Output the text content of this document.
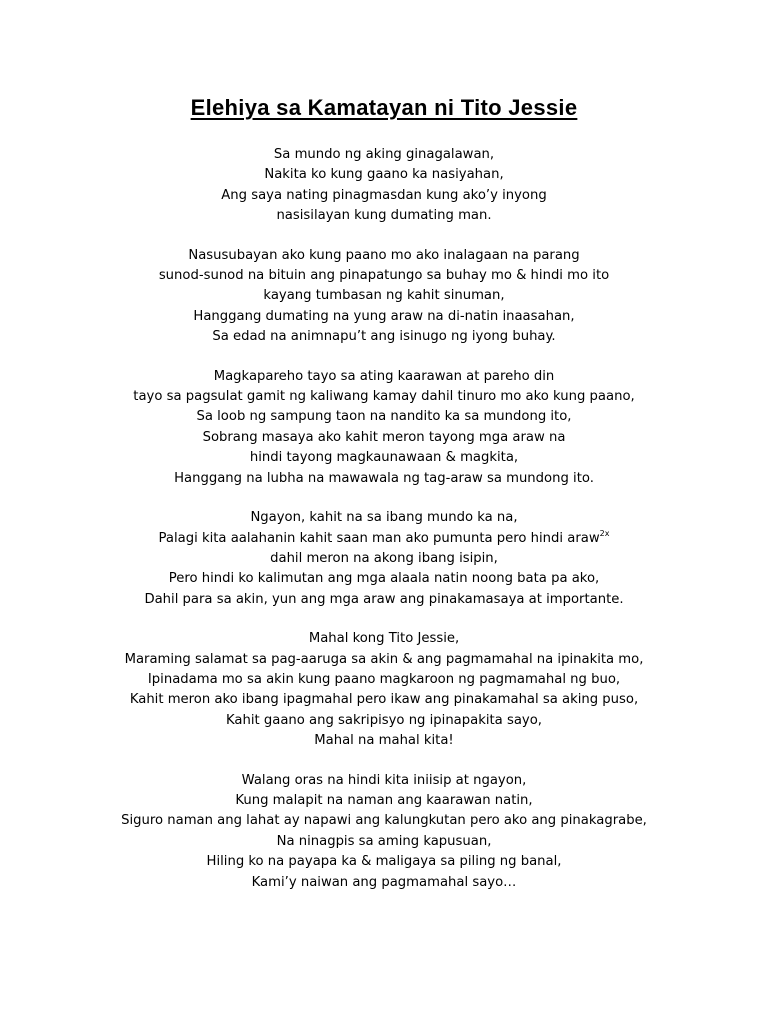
Elehiya sa Kamatayan ni Tito Jessie
Sa mundo ng aking ginagalawan,
Nakita ko kung gaano ka nasiyahan,
Ang saya nating pinagmasdan kung ako’y inyong
nasisilayan kung dumating man.
Nasusubayan ako kung paano mo ako inalagaan na parang
sunod-sunod na bituin ang pinapatungo sa buhay mo & hindi mo ito
kayang tumbasan ng kahit sinuman,
Hanggang dumating na yung araw na di-natin inaasahan,
Sa edad na animnapu’t ang isinugo ng iyong buhay.
Magkapareho tayo sa ating kaarawan at pareho din
tayo sa pagsulat gamit ng kaliwang kamay dahil tinuro mo ako kung paano,
Sa loob ng sampung taon na nandito ka sa mundong ito,
Sobrang masaya ako kahit meron tayong mga araw na
hindi tayong magkaunawaan & magkita,
Hanggang na lubha na mawawala ng tag-araw sa mundong ito.
Ngayon, kahit na sa ibang mundo ka na,
Palagi kita aalahanin kahit saan man ako pumunta pero hindi araw$^{2x}$
dahil meron na akong ibang isipin,
Pero hindi ko kalimutan ang mga alaala natin noong bata pa ako,
Dahil para sa akin, yun ang mga araw ang pinakamasaya at importante.
Mahal kong Tito Jessie,
Maraming salamat sa pag-aaruga sa akin & ang pagmamahal na ipinakita mo,
Ipinadama mo sa akin kung paano magkaroon ng pagmamahal ng buo,
Kahit meron ako ibang ipagmahal pero ikaw ang pinakamahal sa aking puso,
Kahit gaano ang sakripisyo ng ipinapakita sayo,
Mahal na mahal kita!
Walang oras na hindi kita iniisip at ngayon,
Kung malapit na naman ang kaarawan natin,
Siguro naman ang lahat ay napawi ang kalungkutan pero ako ang pinakagrabe,
Na ninagpis sa aming kapusuan,
Hiling ko na payapa ka & maligaya sa piling ng banal,
Kami’y naiwan ang pagmamahal sayo…
